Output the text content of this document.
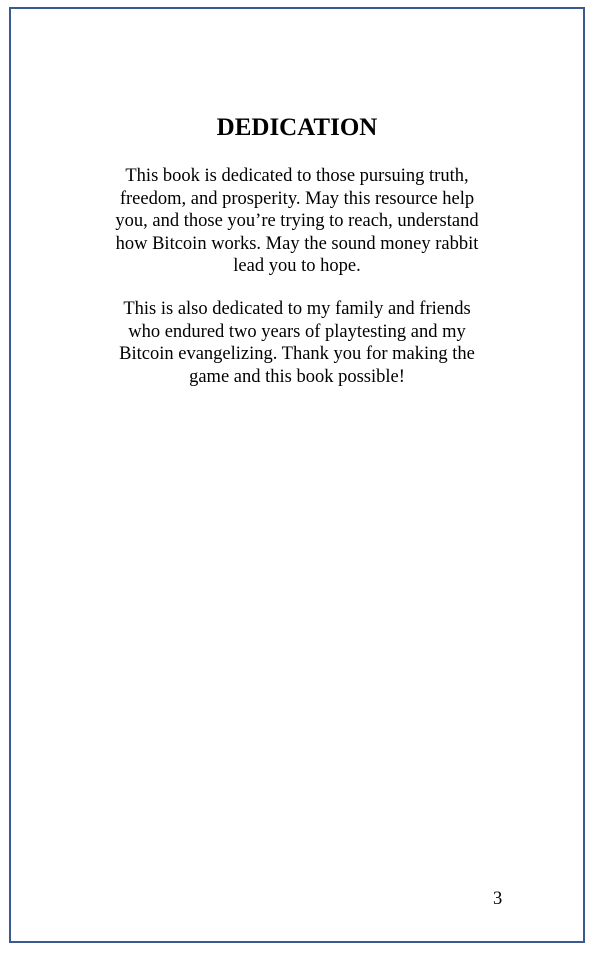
DEDICATION

This book is dedicated to those pursuing truth,
freedom, and prosperity. May this resource help
you, and those you’re trying to reach, understand
how Bitcoin works. May the sound money rabbit
lead you to hope.

This is also dedicated to my family and friends
who endured two years of playtesting and my
Bitcoin evangelizing. Thank you for making the
game and this book possible!

3
